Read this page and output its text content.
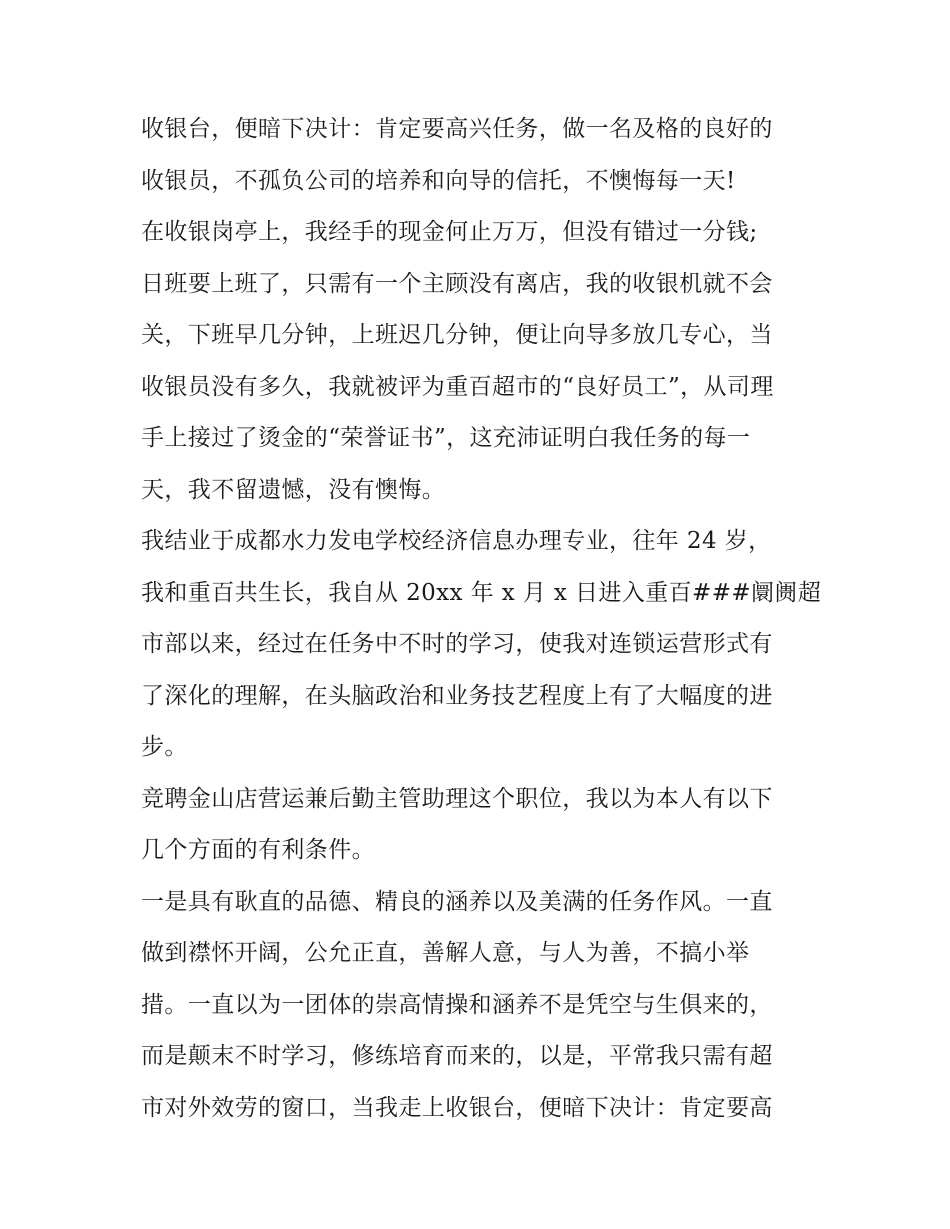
收银台，便暗下决计：肯定要高兴任务，做一名及格的良好的
收银员，不孤负公司的培养和向导的信托，不懊悔每一天!
在收银岗亭上，我经手的现金何止万万，但没有错过一分钱;
日班要上班了，只需有一个主顾没有离店，我的收银机就不会
关，下班早几分钟，上班迟几分钟，便让向导多放几专心，当
收银员没有多久，我就被评为重百超市的“良好员工”，从司理
手上接过了烫金的“荣誉证书”，这充沛证明白我任务的每一
天，我不留遗憾，没有懊悔。
我结业于成都水力发电学校经济信息办理专业，往年 24 岁，
我和重百共生长，我自从 20xx 年 x 月 x 日进入重百###阛阓超
市部以来，经过在任务中不时的学习，使我对连锁运营形式有
了深化的理解，在头脑政治和业务技艺程度上有了大幅度的进
步。
竞聘金山店营运兼后勤主管助理这个职位，我以为本人有以下
几个方面的有利条件。
一是具有耿直的品德、精良的涵养以及美满的任务作风。一直
做到襟怀开阔，公允正直，善解人意，与人为善，不搞小举
措。一直以为一团体的崇高情操和涵养不是凭空与生俱来的，
而是颠末不时学习，修练培育而来的，以是，平常我只需有超
市对外效劳的窗口，当我走上收银台，便暗下决计：肯定要高
